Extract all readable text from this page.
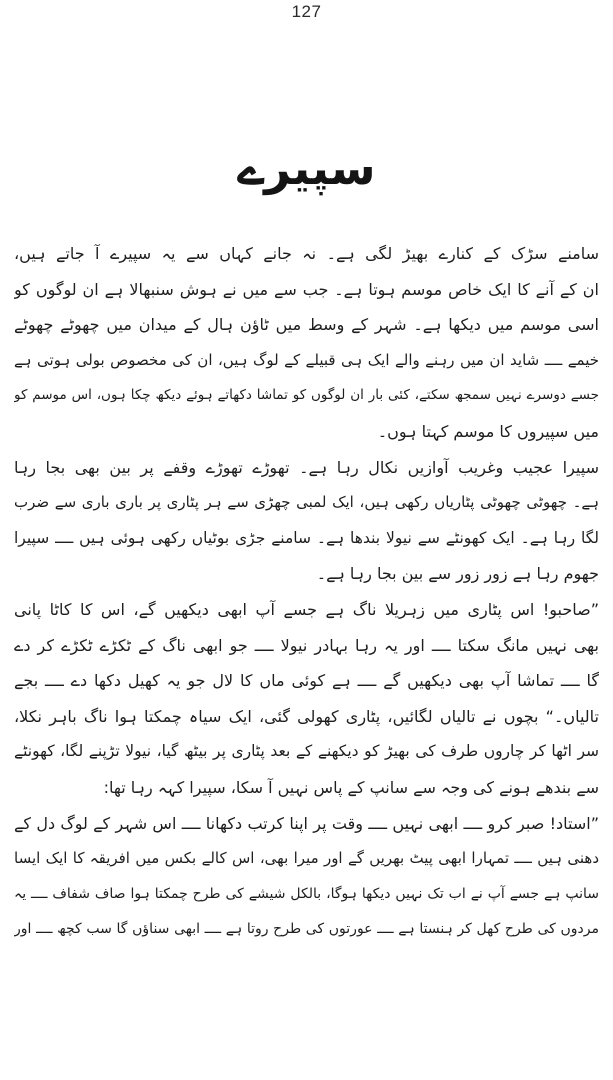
127
سپیرے
سامنے سڑک کے کنارے بھیڑ لگی ہے۔ نہ جانے کہاں سے یہ سپیرے آ جاتے ہیں،
ان کے آنے کا ایک خاص موسم ہوتا ہے۔ جب سے میں نے ہوش سنبھالا ہے ان لوگوں کو
اسی موسم میں دیکھا ہے۔ شہر کے وسط میں ٹاؤن ہال کے میدان میں چھوٹے چھوٹے
خیمے ــــ شاید ان میں رہنے والے ایک ہی قبیلے کے لوگ ہیں، ان کی مخصوص بولی ہوتی ہے
جسے دوسرے نہیں سمجھ سکتے، کئی بار ان لوگوں کو تماشا دکھاتے ہوئے دیکھ چکا ہوں، اس موسم کو
میں سپیروں کا موسم کہتا ہوں۔
سپیرا عجیب وغریب آوازیں نکال رہا ہے۔ تھوڑے تھوڑے وقفے پر بین بھی بجا رہا
ہے۔ چھوٹی چھوٹی پٹاریاں رکھی ہیں، ایک لمبی چھڑی سے ہر پٹاری پر باری باری سے ضرب
لگا رہا ہے۔ ایک کھونٹے سے نیولا بندھا ہے۔ سامنے جڑی بوٹیاں رکھی ہوئی ہیں ــــ سپیرا
جھوم رہا ہے زور زور سے بین بجا رہا ہے۔
”صاحبو! اس پٹاری میں زہریلا ناگ ہے جسے آپ ابھی دیکھیں گے، اس کا کاٹا پانی
بھی نہیں مانگ سکتا ــــ اور یہ رہا بہادر نیولا ــــ جو ابھی ناگ کے ٹکڑے ٹکڑے کر دے
گا ــــ تماشا آپ بھی دیکھیں گے ــــ ہے کوئی ماں کا لال جو یہ کھیل دکھا دے ــــ بجے
تالیاں۔“ بچوں نے تالیاں لگائیں، پٹاری کھولی گئی، ایک سیاہ چمکتا ہوا ناگ باہر نکلا،
سر اٹھا کر چاروں طرف کی بھیڑ کو دیکھنے کے بعد پٹاری پر بیٹھ گیا، نیولا تڑپنے لگا، کھونٹے
سے بندھے ہونے کی وجہ سے سانپ کے پاس نہیں آ سکا، سپیرا کہہ رہا تھا:
”استاد! صبر کرو ــــ ابھی نہیں ــــ وقت پر اپنا کرتب دکھانا ــــ اس شہر کے لوگ دل کے
دھنی ہیں ــــ تمہارا ابھی پیٹ بھریں گے اور میرا بھی، اس کالے بکس میں افریقہ کا ایک ایسا
سانپ ہے جسے آپ نے اب تک نہیں دیکھا ہوگا، بالکل شیشے کی طرح چمکتا ہوا صاف شفاف ــــ یہ
مردوں کی طرح کھل کر ہنستا ہے ــــ عورتوں کی طرح روتا ہے ــــ ابھی سناؤں گا سب کچھ ــــ اور
